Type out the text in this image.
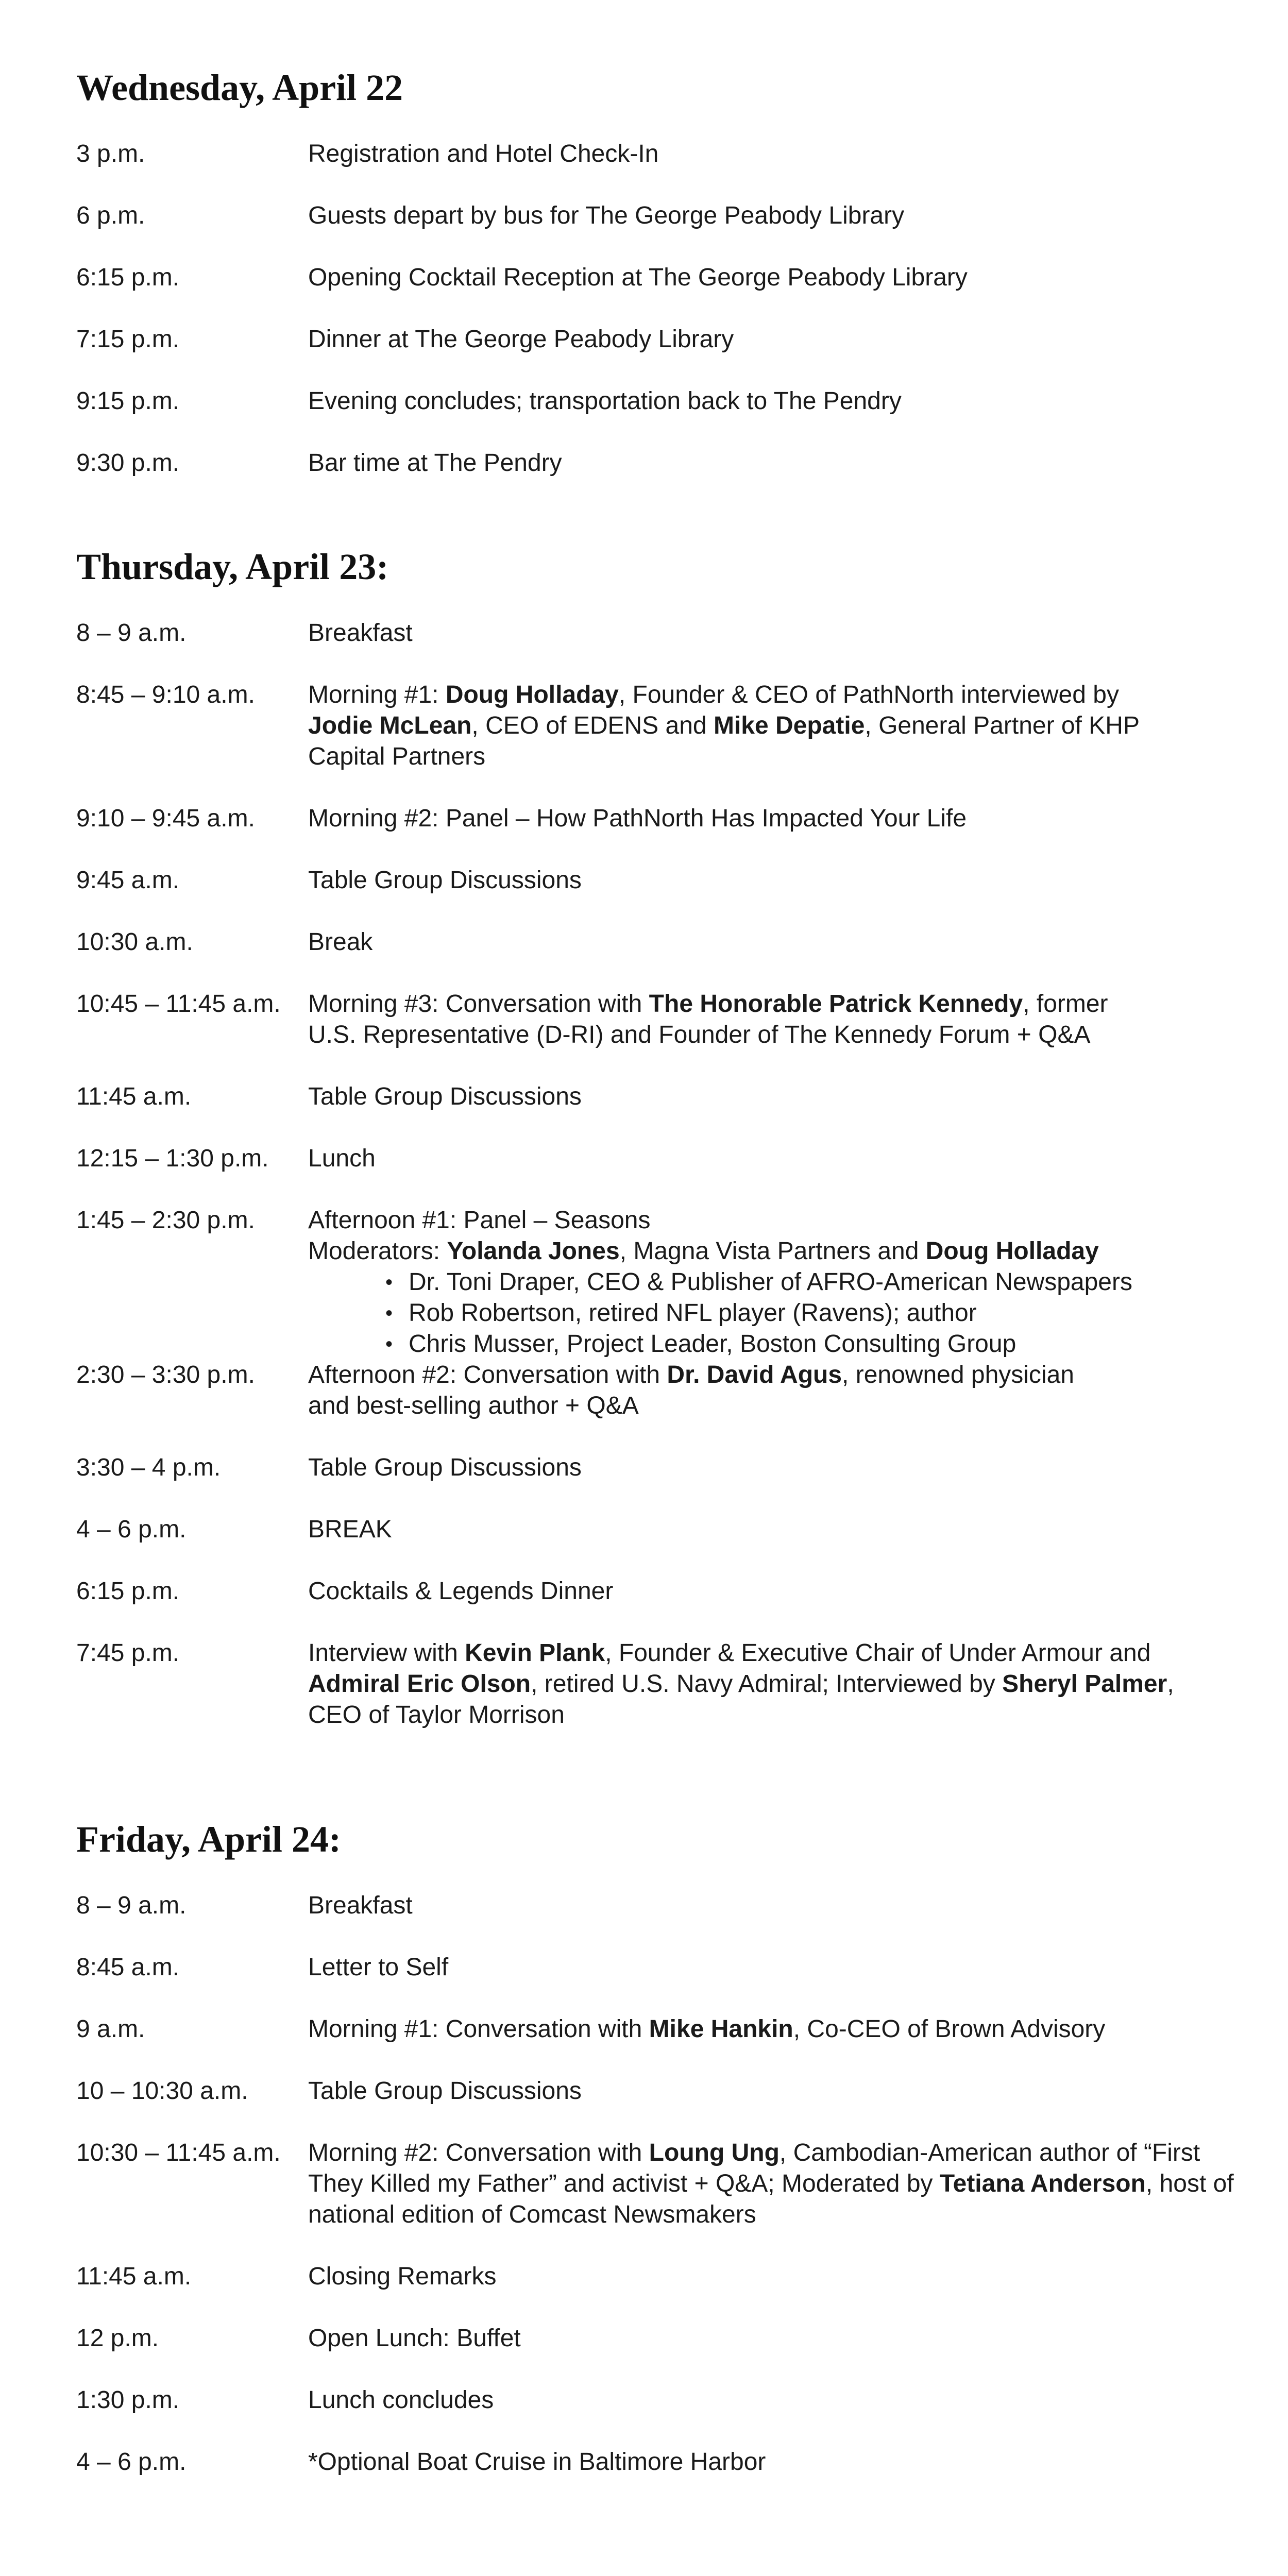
Wednesday, April 22
3 p.m.	Registration and Hotel Check-In
6 p.m.	Guests depart by bus for The George Peabody Library
6:15 p.m.	Opening Cocktail Reception at The George Peabody Library
7:15 p.m.	Dinner at The George Peabody Library
9:15 p.m.	Evening concludes; transportation back to The Pendry
9:30 p.m.	Bar time at The Pendry
Thursday, April 23:
8 – 9 a.m.	Breakfast
8:45 – 9:10 a.m.	Morning #1: Doug Holladay, Founder & CEO of PathNorth interviewed by Jodie McLean, CEO of EDENS and Mike Depatie, General Partner of KHP Capital Partners
9:10 – 9:45 a.m.	Morning #2: Panel – How PathNorth Has Impacted Your Life
9:45 a.m.	Table Group Discussions
10:30 a.m.	Break
10:45 – 11:45 a.m.	Morning #3: Conversation with The Honorable Patrick Kennedy, former U.S. Representative (D-RI) and Founder of The Kennedy Forum + Q&A
11:45 a.m.	Table Group Discussions
12:15 – 1:30 p.m.	Lunch
1:45 – 2:30 p.m.	Afternoon #1: Panel – Seasons
Moderators: Yolanda Jones, Magna Vista Partners and Doug Holladay
• Dr. Toni Draper, CEO & Publisher of AFRO-American Newspapers
• Rob Robertson, retired NFL player (Ravens); author
• Chris Musser, Project Leader, Boston Consulting Group
2:30 – 3:30 p.m.	Afternoon #2: Conversation with Dr. David Agus, renowned physician and best-selling author + Q&A
3:30 – 4 p.m.	Table Group Discussions
4 – 6 p.m.	BREAK
6:15 p.m.	Cocktails & Legends Dinner
7:45 p.m.	Interview with Kevin Plank, Founder & Executive Chair of Under Armour and Admiral Eric Olson, retired U.S. Navy Admiral; Interviewed by Sheryl Palmer, CEO of Taylor Morrison
Friday, April 24:
8 – 9 a.m.	Breakfast
8:45 a.m.	Letter to Self
9 a.m.	Morning #1: Conversation with Mike Hankin, Co-CEO of Brown Advisory
10 – 10:30 a.m.	Table Group Discussions
10:30 – 11:45 a.m.	Morning #2: Conversation with Loung Ung, Cambodian-American author of “First They Killed my Father” and activist + Q&A; Moderated by Tetiana Anderson, host of national edition of Comcast Newsmakers
11:45 a.m.	Closing Remarks
12 p.m.	Open Lunch: Buffet
1:30 p.m.	Lunch concludes
4 – 6 p.m.	*Optional Boat Cruise in Baltimore Harbor
